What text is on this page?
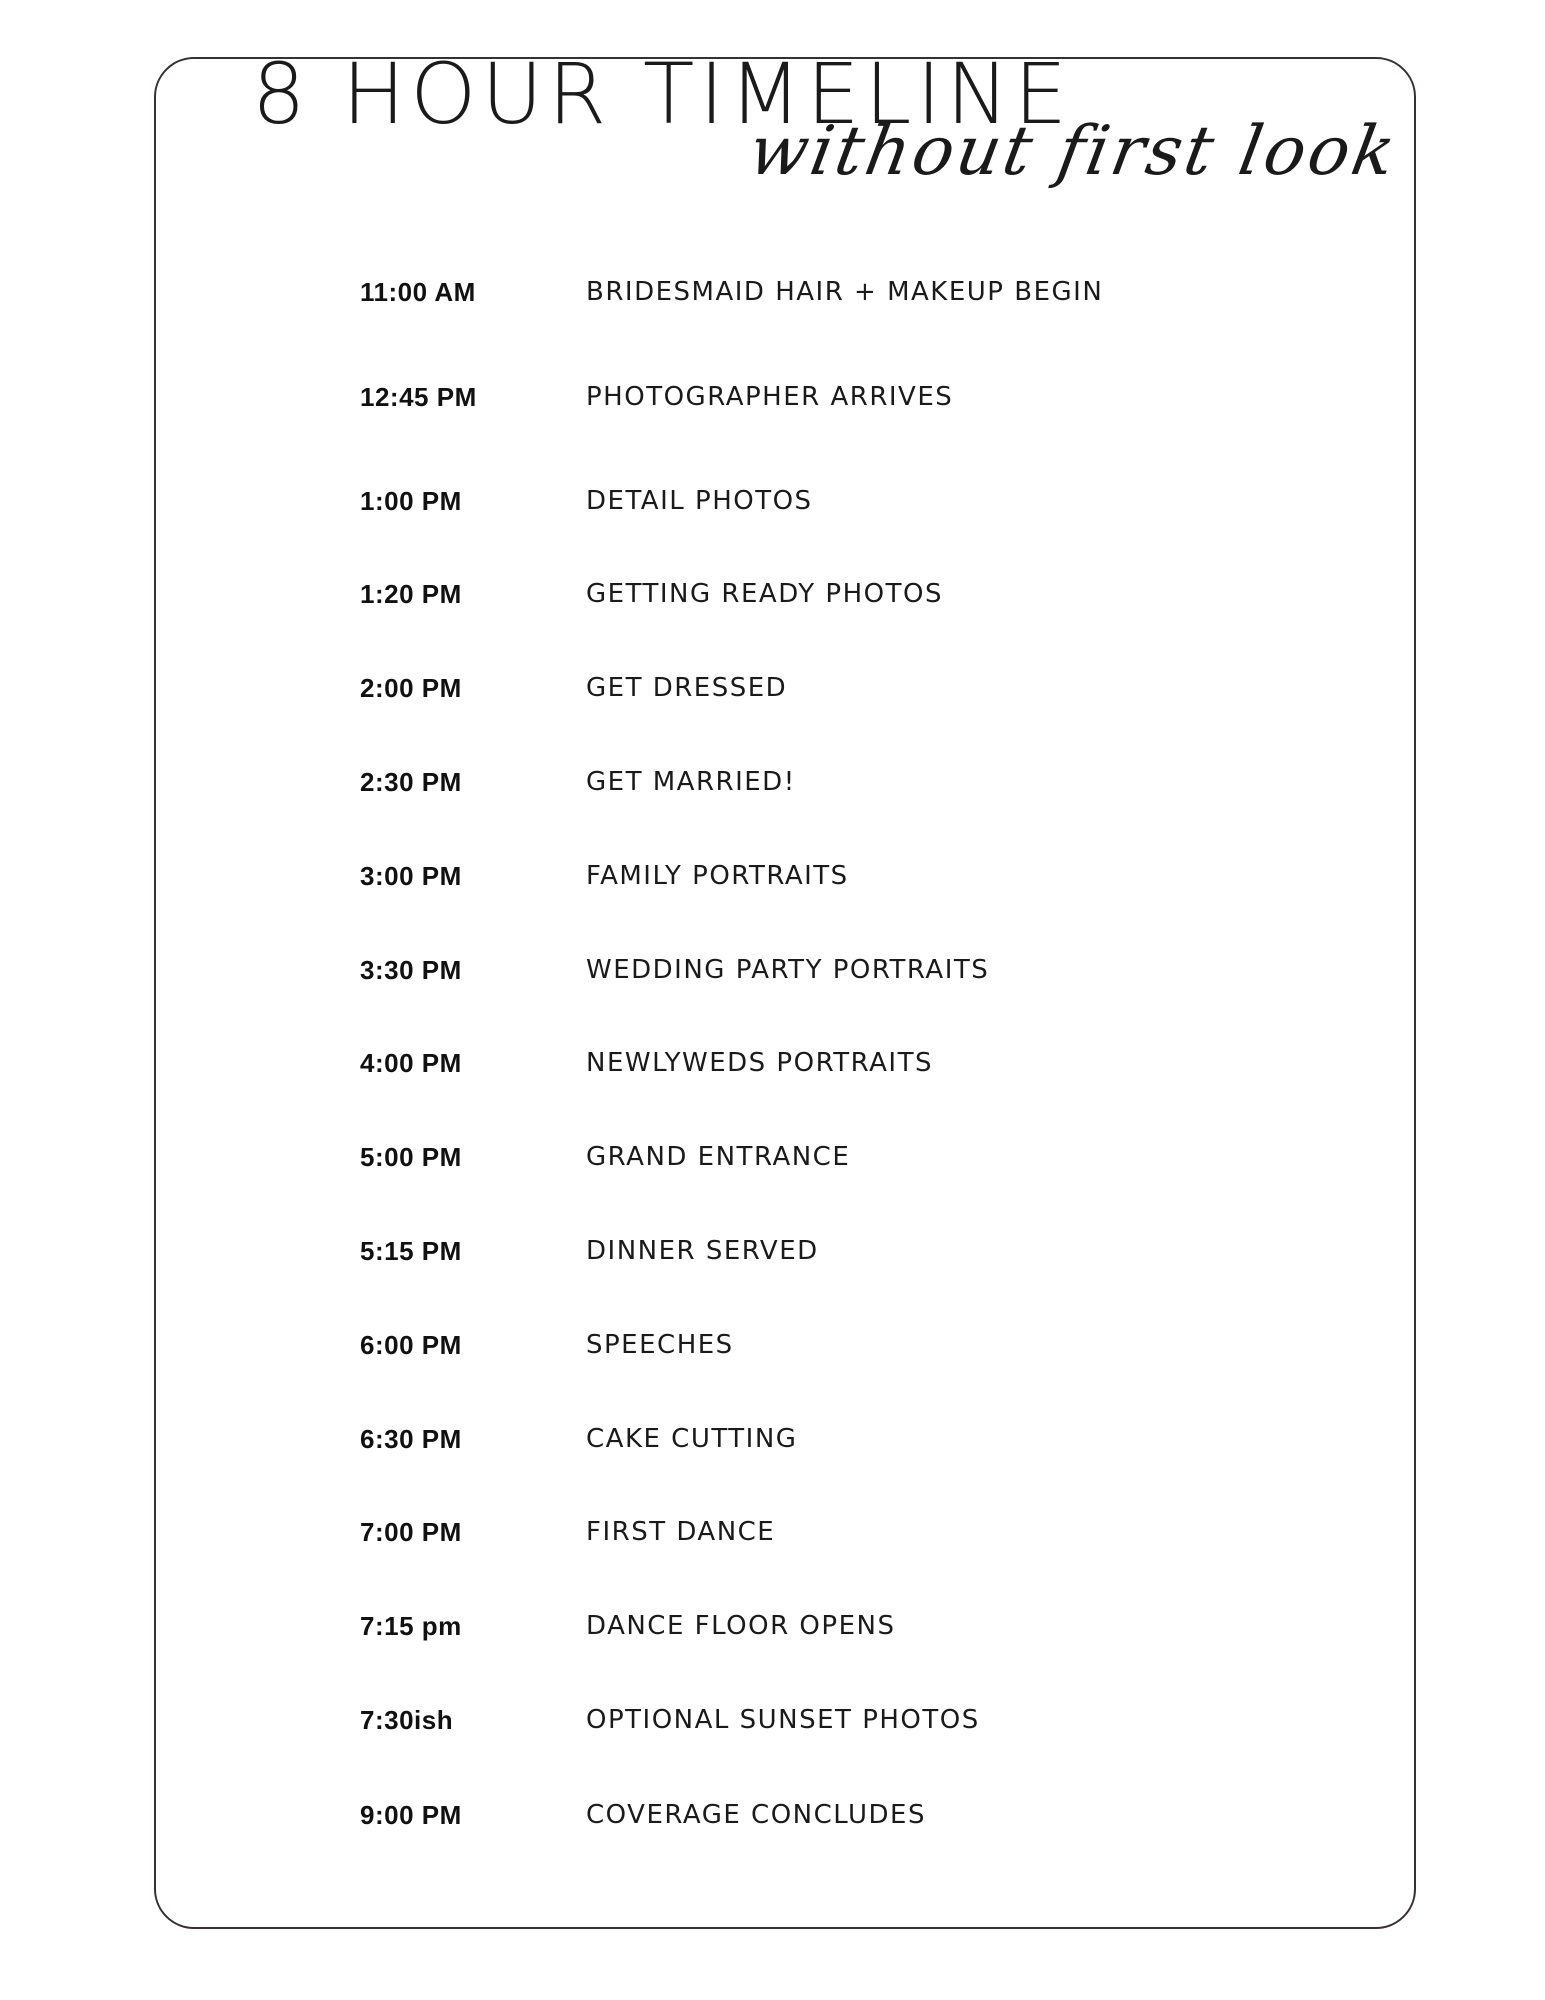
8 HOUR TIMELINE
without first look
11:00 AM	BRIDESMAID HAIR + MAKEUP BEGIN
12:45 PM	PHOTOGRAPHER ARRIVES
1:00 PM	DETAIL PHOTOS
1:20 PM	GETTING READY PHOTOS
2:00 PM	GET DRESSED
2:30 PM	GET MARRIED!
3:00 PM	FAMILY PORTRAITS
3:30 PM	WEDDING PARTY PORTRAITS
4:00 PM	NEWLYWEDS PORTRAITS
5:00 PM	GRAND ENTRANCE
5:15 PM	DINNER SERVED
6:00 PM	SPEECHES
6:30 PM	CAKE CUTTING
7:00 PM	FIRST DANCE
7:15 pm	DANCE FLOOR OPENS
7:30ish	OPTIONAL SUNSET PHOTOS
9:00 PM	COVERAGE CONCLUDES
